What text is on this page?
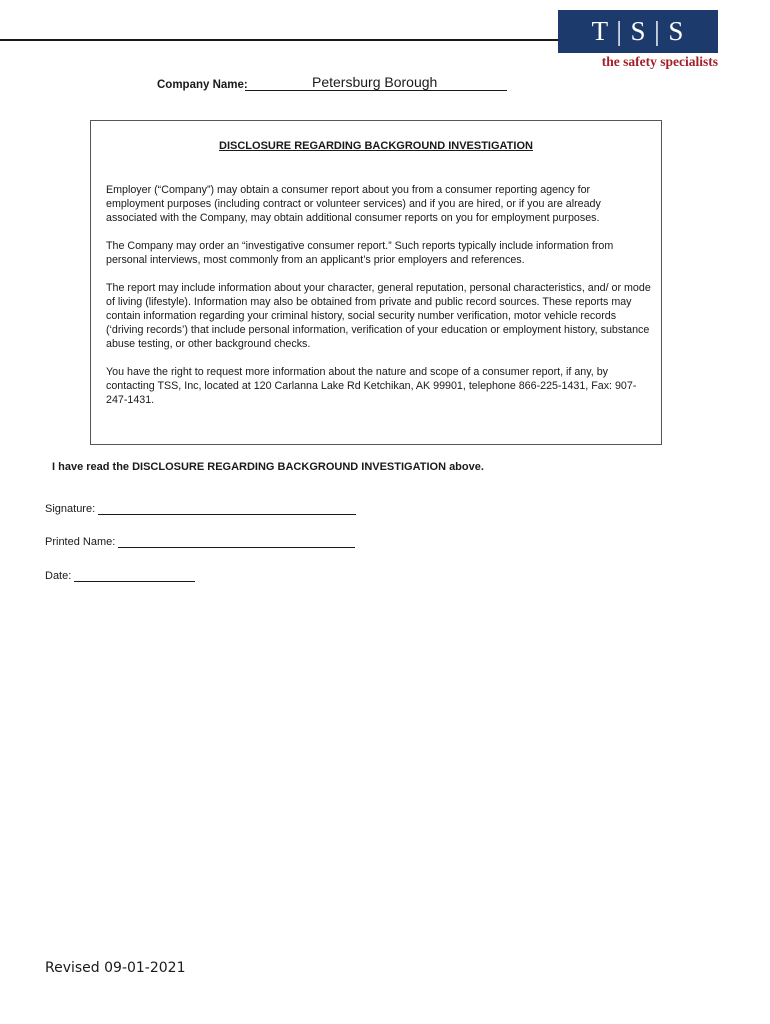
T | S | S
the safety specialists
Company Name:	Petersburg Borough
DISCLOSURE REGARDING BACKGROUND INVESTIGATION

Employer (“Company”) may obtain a consumer report about you from a consumer reporting agency for employment purposes (including contract or volunteer services) and if you are hired, or if you are already associated with the Company, may obtain additional consumer reports on you for employment purposes.

The Company may order an “investigative consumer report.” Such reports typically include information from personal interviews, most commonly from an applicant’s prior employers and references.

The report may include information about your character, general reputation, personal characteristics, and/ or mode of living (lifestyle). Information may also be obtained from private and public record sources. These reports may contain information regarding your criminal history, social security number verification, motor vehicle records (‘driving records’) that include personal information, verification of your education or employment history, substance abuse testing, or other background checks.

You have the right to request more information about the nature and scope of a consumer report, if any, by contacting TSS, Inc, located at 120 Carlanna Lake Rd Ketchikan, AK 99901, telephone 866-225-1431, Fax: 907-247-1431.

I have read the DISCLOSURE REGARDING BACKGROUND INVESTIGATION above.
Signature:
Printed Name:
Date:
Revised 09-01-2021
